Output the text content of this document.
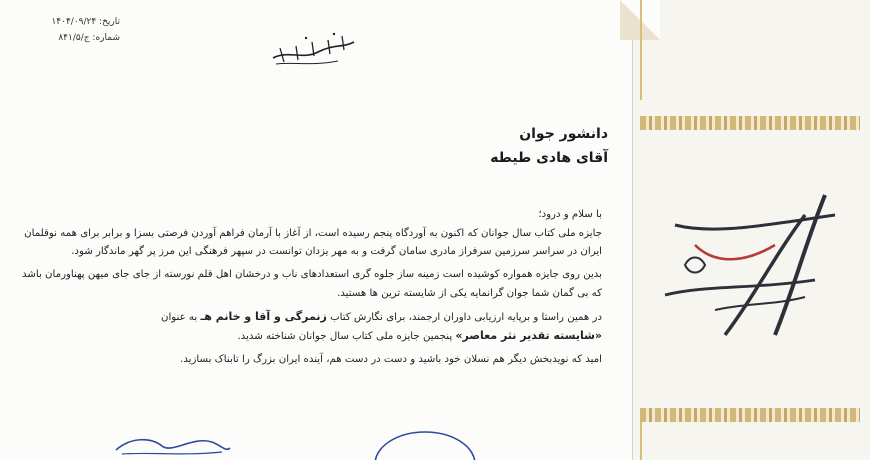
تاریخ: ۱۴۰۴/۰۹/۲۴
شماره: ج/۸۴۱/۵
دانشور جوان
آقای هادی طیطه

با سلام و درود؛

جایزه ملی کتاب سال جوانان که اکنون به آوردگاه پنجم رسیده است، از آغاز با آرمان فراهم آوردن فرصتی بسزا و برابر برای همه نوقلمان ایران در سراسر سرزمین سرفراز مادری سامان گرفت و به مهر یزدان توانست در سپهر فرهنگی این مرز پر گهر ماندگار شود.

بدین روی جایزه همواره کوشیده است زمینه ساز جلوه گری استعدادهای ناب و درخشان اهل قلم نورسته از جای جای میهن پهناورمان باشد که بی گمان شما جوان گرانمایه یکی از شایسته ترین ها هستید.

در همین راستا و برپایه ارزیابی داوران ارجمند، برای نگارش کتاب زنمرگی و آقا و خانم هـ به عنوان
«شایسته تقدیر نثر معاصر» پنجمین جایزه ملی کتاب سال جوانان شناخته شدید.

امید که نویدبخش دیگر هم نسلان خود باشید و دست در دست هم، آینده ایران بزرگ را تابناک بسازید.
